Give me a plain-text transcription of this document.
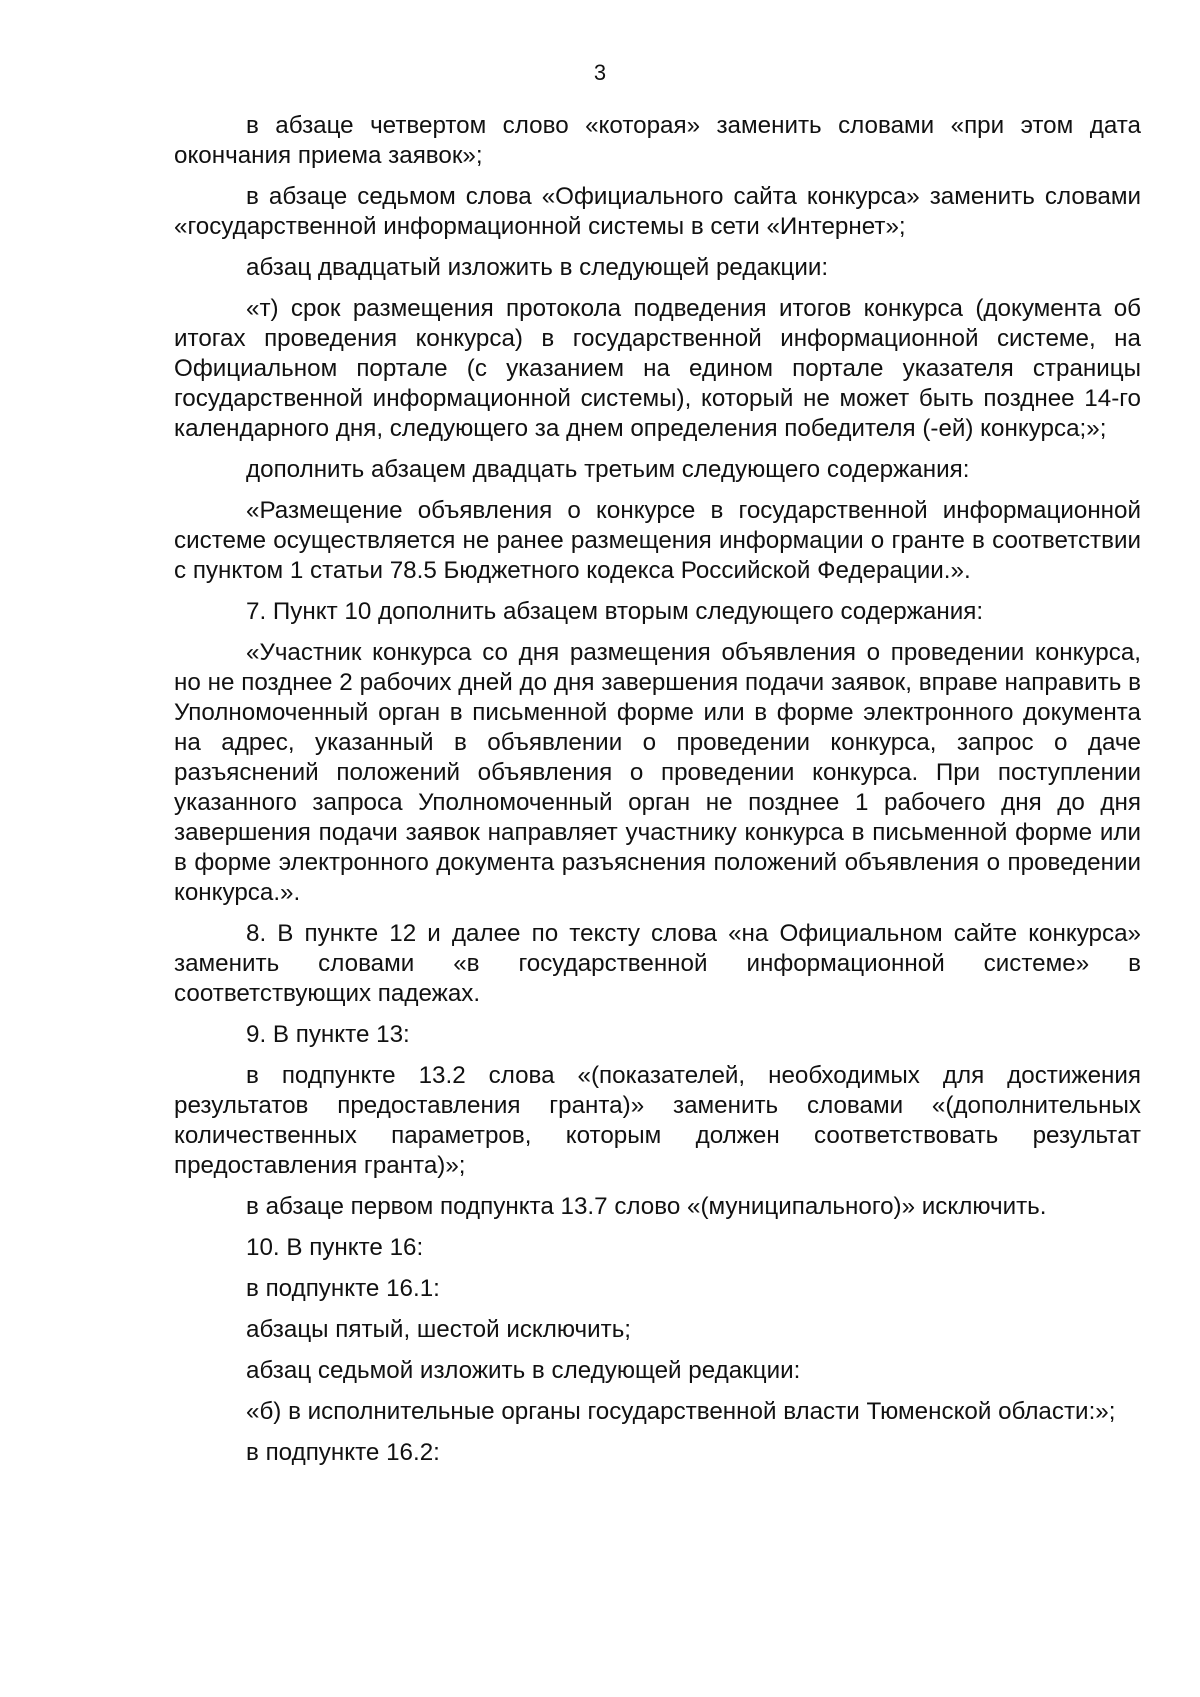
3

в абзаце четвертом слово «которая» заменить словами «при этом дата окончания приема заявок»;

в абзаце седьмом слова «Официального сайта конкурса» заменить словами «государственной информационной системы в сети «Интернет»;

абзац двадцатый изложить в следующей редакции:

«т) срок размещения протокола подведения итогов конкурса (документа об итогах проведения конкурса) в государственной информационной системе, на Официальном портале (с указанием на едином портале указателя страницы государственной информационной системы), который не может быть позднее 14-го календарного дня, следующего за днем определения победителя (-ей) конкурса;»;

дополнить абзацем двадцать третьим следующего содержания:

«Размещение объявления о конкурсе в государственной информационной системе осуществляется не ранее размещения информации о гранте в соответствии с пунктом 1 статьи 78.5 Бюджетного кодекса Российской Федерации.».

7. Пункт 10 дополнить абзацем вторым следующего содержания:

«Участник конкурса со дня размещения объявления о проведении конкурса, но не позднее 2 рабочих дней до дня завершения подачи заявок, вправе направить в Уполномоченный орган в письменной форме или в форме электронного документа на адрес, указанный в объявлении о проведении конкурса, запрос о даче разъяснений положений объявления о проведении конкурса. При поступлении указанного запроса Уполномоченный орган не позднее 1 рабочего дня до дня завершения подачи заявок направляет участнику конкурса в письменной форме или в форме электронного документа разъяснения положений объявления о проведении конкурса.».

8. В пункте 12 и далее по тексту слова «на Официальном сайте конкурса» заменить словами «в государственной информационной системе» в соответствующих падежах.

9. В пункте 13:

в подпункте 13.2 слова «(показателей, необходимых для достижения результатов предоставления гранта)» заменить словами «(дополнительных количественных параметров, которым должен соответствовать результат предоставления гранта)»;

в абзаце первом подпункта 13.7 слово «(муниципального)» исключить.

10. В пункте 16:

в подпункте 16.1:

абзацы пятый, шестой исключить;

абзац седьмой изложить в следующей редакции:

«б) в исполнительные органы государственной власти Тюменской области:»;

в подпункте 16.2:
